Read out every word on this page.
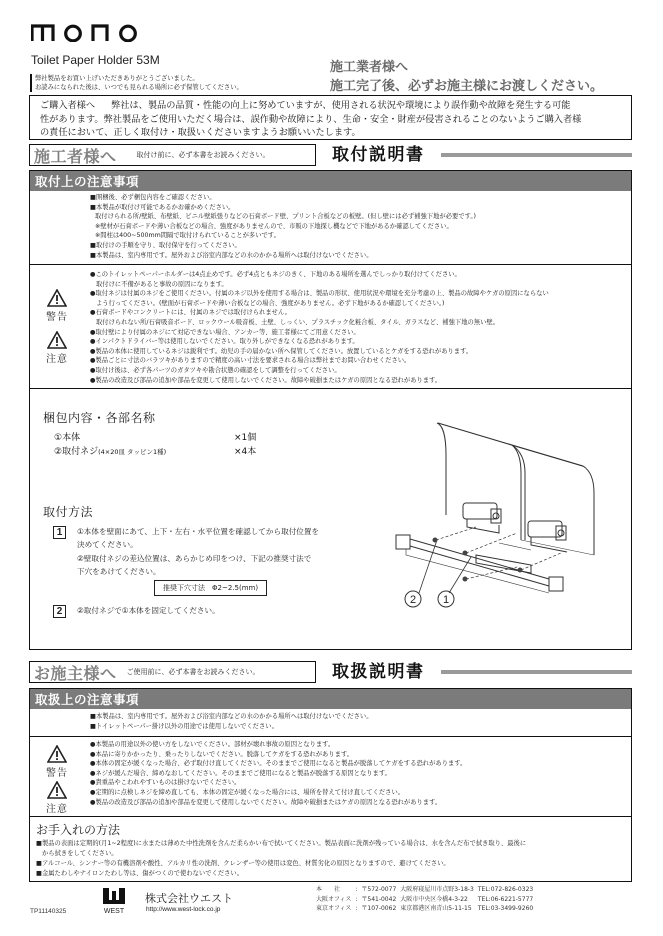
Toilet Paper Holder 53M
弊社製品をお買い上げいただきありがとうございました。
お読みになられた後は、いつでも見られる場所に必ず保管してください。
施工業者様へ
施工完了後、必ずお施主様にお渡しください。
ご購入者様へ 弊社は、製品の品質・性能の向上に努めていますが、使用される状況や環境により誤作動や故障を発生する可能
性があります。弊社製品をご使用いただく場合は、誤作動や故障により、生命・安全・財産が侵害されることのないようご購入者様
の責任において、正しく取付け・取扱いくださいますようお願いいたします。
施工者様へ	取付け前に、必ず本書をお読みください。	取付説明書
取付上の注意事項
■開梱後、必ず梱包内容をご確認ください。
■本製品が取付け可能であるかお確かめください。
取付けられる所/壁紙、布壁紙、ビニル壁紙張りなどの石膏ボード壁、プリント合板などの板壁。(但し壁には必ず補強下地が必要です。)
※壁材が石膏ボードや薄い合板などの場合、強度がありませんので、市販の下地探し機などで下地があるか確認してください。
※間柱は400~500mm間隔で取付けられていることが多いです。
■取付けの手順を守り、取付保守を行ってください。
■本製品は、室内専用です。屋外および浴室内部などの水のかかる場所へは取付けないでください。
警告
注意
●このトイレットペーパーホルダーは4点止めです。必ず4点ともネジのきく、下地のある場所を選んでしっかり取付けてください。
取付けに不備があると事故の原因になります。
●取付ネジは付属のネジをご使用ください。付属のネジ以外を使用する場合は、製品の形状、使用状況や環境を充分考慮の上、製品の故障やケガの原因にならない
よう行ってください。(壁面が石膏ボードや薄い合板などの場合、強度がありません。必ず下地があるか確認してください。)
●石膏ボードやコンクリートには、付属のネジでは取付けられません。
取付けられない所/石膏吸音ボード、ロックウール吸音板、土壁、しっくい、プラスチック化粧合板、タイル、ガラスなど、補強下地の無い壁。
●取付壁により付属のネジにて対応できない場合、アンカー等、施工者様にてご用意ください。
●インパクトドライバー等は使用しないでください。取り外しができなくなる恐れがあります。
●製品の本体に使用しているネジは鋭利です。幼児の手の届かない所へ保管してください。放置しているとケガをする恐れがあります。
●製品ごとに寸法のバラツキがありますので精度の高い寸法を要求される場合は弊社までお問い合わせください。
●取付け後は、必ず各パーツのガタツキや勘合状態の確認をして調整を行ってください。
●製品の改造及び部品の追加や部品を変更して使用しないでください。故障や破損またはケガの原因となる恐れがあります。
梱包内容・各部名称
①本体	×1個
②取付ネジ(4×20皿 タッピン1種)	×4本
取付方法
1	①本体を壁面にあて、上下・左右・水平位置を確認してから取付位置を
決めてください。
②壁取付ネジの差込位置は、あらかじめ印をつけ、下記の推奨寸法で
下穴をあけてください。
推奨下穴寸法　Φ2~2.5(mm)
2	②取付ネジで①本体を固定してください。
2 1
お施主様へ ご使用前に、必ず本書をお読みください。	取扱説明書
取扱上の注意事項
■本製品は、室内専用です。屋外および浴室内部などの水のかかる場所へは取付けないでください。
■トイレットペーパー掛け以外の用途では使用しないでください。
警告
注意
●本製品の用途以外の使い方をしないでください。部材が壊れ事故の原因となります。
●本品に寄りかかったり、乗ったりしないでください。脱落してケガをする恐れがあります。
●本体の固定が緩くなった場合、必ず取付け直してください。そのままでご使用になると製品が脱落してケガをする恐れがあります。
●ネジが緩んだ場合、締めなおしてください。そのままでご使用になると製品が脱落する原因となります。
●貴重品やこわれやすいものは掛けないでください。
●定期的に点検しネジを締め直しても、本体の固定が緩くなった場合には、場所を替えて付け直してください。
●製品の改造及び部品の追加や部品を変更して使用しないでください。故障や破損またはケガの原因となる恐れがあります。
お手入れの方法
■製品の表面は定期的(月1~2程度)に水または薄めた中性洗剤を含んだ柔らかい布で拭いてください。製品表面に洗剤が残っている場合は、水を含んだ布で拭き取り、最後に
から拭きをしてください。
■アルコール、シンナー等の有機溶剤や酸性、アルカリ性の洗剤、クレンザー等の使用は変色、材質劣化の原因となりますので、避けてください。
■金属たわしやナイロンたわし等は、傷がつくので使わないでください。
TP11140325	WEST
株式会社ウエスト
http://www.west-lock.co.jp
本　　社	:	〒572-0077	大阪府寝屋川市点野3-18-3	TEL:072-826-0323
大阪オフィス	:	〒541-0042	大阪市中央区今橋4-3-22	TEL:06-6221-5777
東京オフィス	:	〒107-0062	東京都港区南青山5-11-15	TEL:03-3499-9260
